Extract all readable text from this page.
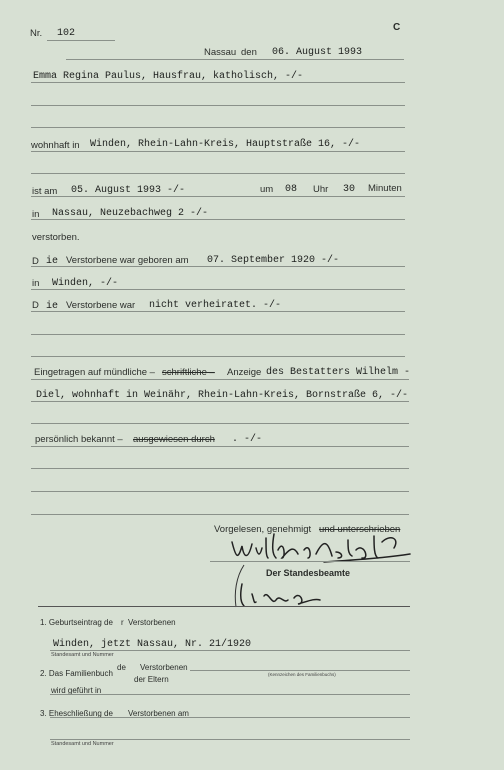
Nr. 102
C
Nassau den 06. August 1993
Emma Regina Paulus, Hausfrau, katholisch, -/-
wohnhaft in Winden, Rhein-Lahn-Kreis, Hauptstraße 16, -/-
ist am 05. August 1993 -/-	um 08 Uhr 30 Minuten
in Nassau, Neuzebachweg 2 -/-
verstorben.
D ie Verstorbene war geboren am 07. September 1920 -/-
in Winden, -/-
D ie Verstorbene war nicht verheiratet. -/-
Eingetragen auf mündliche – schriftliche – Anzeige des Bestatters Wilhelm -
Diel, wohnhaft in Weinähr, Rhein-Lahn-Kreis, Bornstraße 6, -/-
persönlich bekannt – ausgewiesen durch . -/-
Vorgelesen, genehmigt und unterschrieben
Der Standesbeamte
1. Geburtseintrag de r Verstorbenen
Winden, jetzt Nassau, Nr. 21/1920
Standesamt und Nummer
2. Das Familienbuch
de Verstorbenen
der Eltern
(Kennzeichen des Familienbuchs)
wird geführt in
3. Eheschließung de Verstorbenen am
Standesamt und Nummer
